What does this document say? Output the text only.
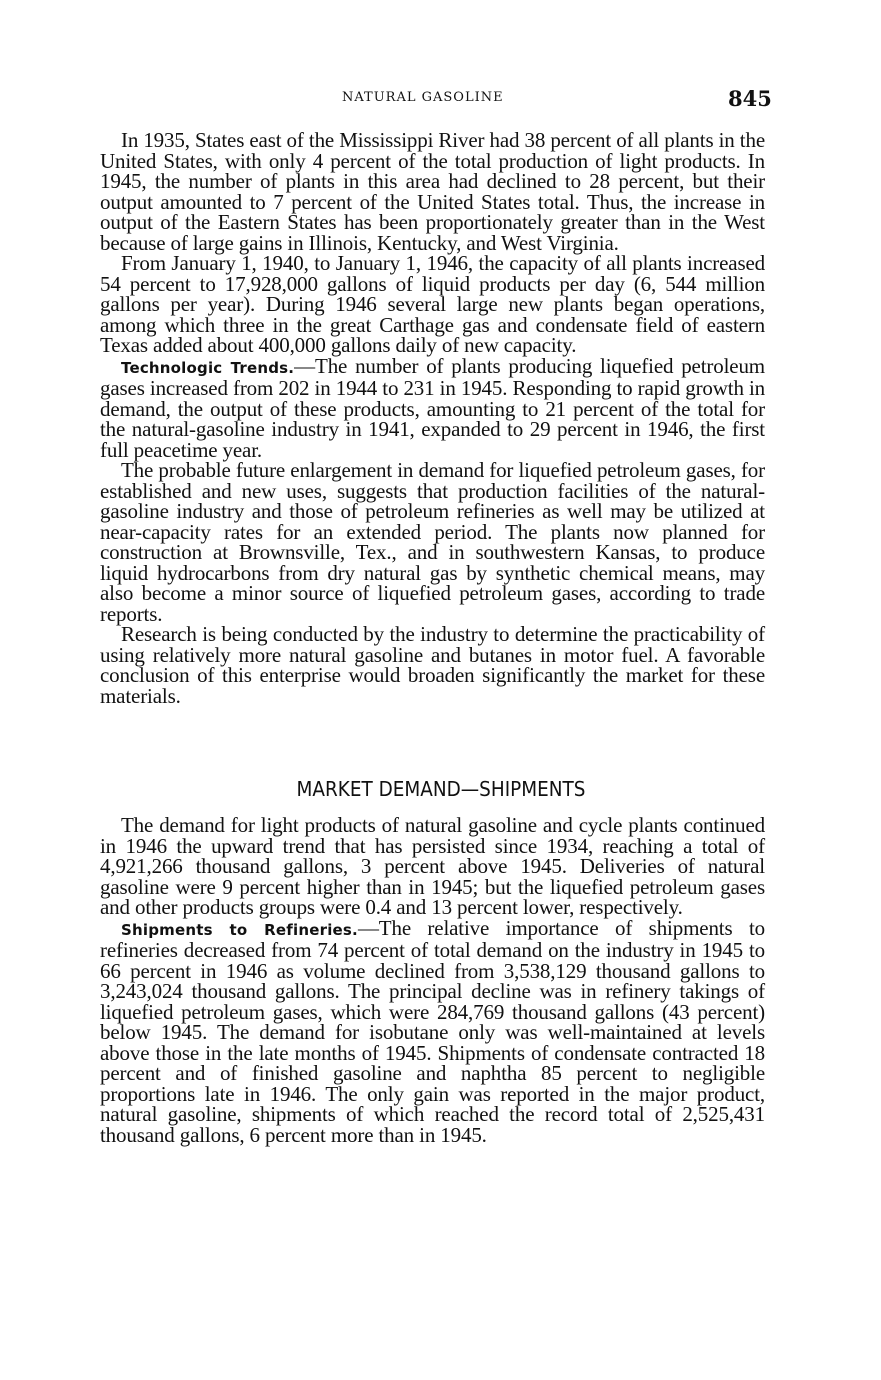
NATURAL GASOLINE	845

In 1935, States east of the Mississippi River had 38 percent of all plants in the United States, with only 4 percent of the total production of light products. In 1945, the number of plants in this area had declined to 28 percent, but their output amounted to 7 percent of the United States total. Thus, the increase in output of the Eastern States has been proportionately greater than in the West because of large gains in Illinois, Kentucky, and West Virginia.

From January 1, 1940, to January 1, 1946, the capacity of all plants increased 54 percent to 17,928,000 gallons of liquid products per day (6, 544 million gallons per year). During 1946 several large new plants began operations, among which three in the great Carthage gas and condensate field of eastern Texas added about 400,000 gallons daily of new capacity.

Technologic Trends.—The number of plants producing liquefied petroleum gases increased from 202 in 1944 to 231 in 1945. Responding to rapid growth in demand, the output of these products, amounting to 21 percent of the total for the natural-gasoline industry in 1941, expanded to 29 percent in 1946, the first full peacetime year.

The probable future enlargement in demand for liquefied petroleum gases, for established and new uses, suggests that production facilities of the natural-gasoline industry and those of petroleum refineries as well may be utilized at near-capacity rates for an extended period. The plants now planned for construction at Brownsville, Tex., and in southwestern Kansas, to produce liquid hydrocarbons from dry natural gas by synthetic chemical means, may also become a minor source of liquefied petroleum gases, according to trade reports.

Research is being conducted by the industry to determine the practicability of using relatively more natural gasoline and butanes in motor fuel. A favorable conclusion of this enterprise would broaden significantly the market for these materials.

MARKET DEMAND—SHIPMENTS

The demand for light products of natural gasoline and cycle plants continued in 1946 the upward trend that has persisted since 1934, reaching a total of 4,921,266 thousand gallons, 3 percent above 1945. Deliveries of natural gasoline were 9 percent higher than in 1945; but the liquefied petroleum gases and other products groups were 0.4 and 13 percent lower, respectively.

Shipments to Refineries.—The relative importance of shipments to refineries decreased from 74 percent of total demand on the industry in 1945 to 66 percent in 1946 as volume declined from 3,538,129 thousand gallons to 3,243,024 thousand gallons. The principal decline was in refinery takings of liquefied petroleum gases, which were 284,769 thousand gallons (43 percent) below 1945. The demand for isobutane only was well-maintained at levels above those in the late months of 1945. Shipments of condensate contracted 18 percent and of finished gasoline and naphtha 85 percent to negligible proportions late in 1946. The only gain was reported in the major product, natural gasoline, shipments of which reached the record total of 2,525,431 thousand gallons, 6 percent more than in 1945.
